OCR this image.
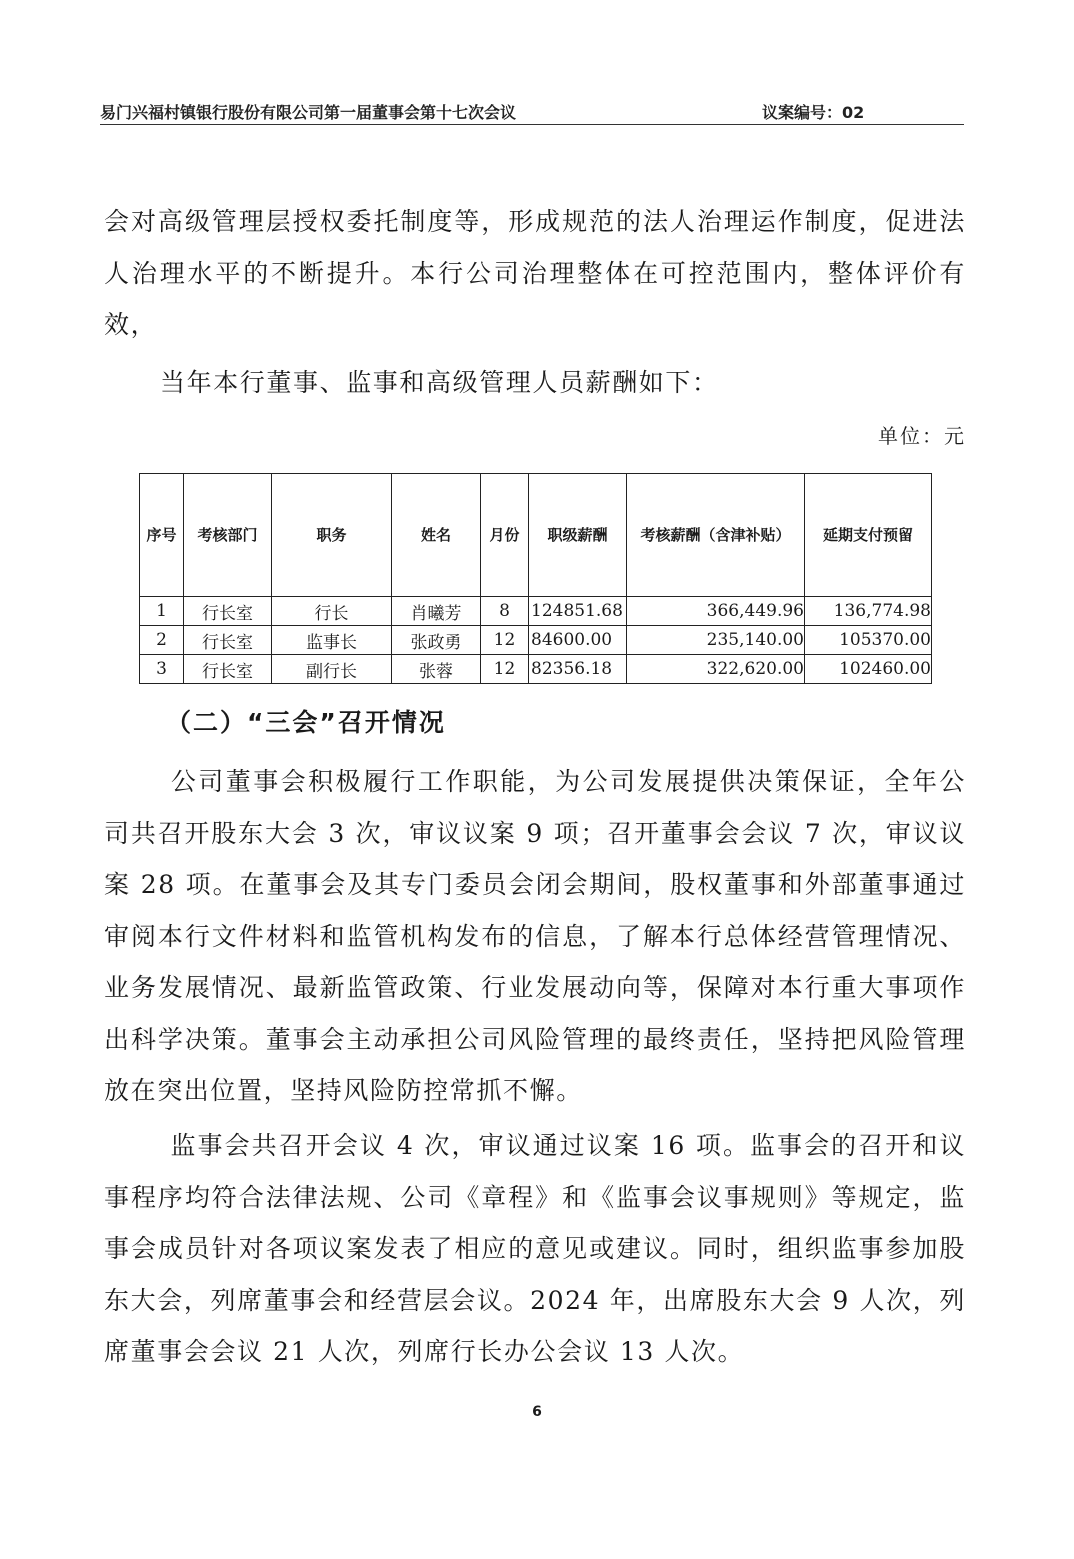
易门兴福村镇银行股份有限公司第一届董事会第十七次会议	议案编号：02

会对高级管理层授权委托制度等，形成规范的法人治理运作制度，促进法人治理水平的不断提升。本行公司治理整体在可控范围内，整体评价有效，

当年本行董事、监事和高级管理人员薪酬如下：

单位：元
序号	考核部门	职务	姓名	月份	职级薪酬	考核薪酬（含津补贴）	延期支付预留
1	行长室	行长	肖曦芳	8	124851.68	366,449.96	136,774.98
2	行长室	监事长	张政勇	12	84600.00	235,140.00	105370.00
3	行长室	副行长	张蓉	12	82356.18	322,620.00	102460.00
（二）“三会”召开情况

公司董事会积极履行工作职能，为公司发展提供决策保证，全年公司共召开股东大会 3 次，审议议案 9 项；召开董事会会议 7 次，审议议案 28 项。在董事会及其专门委员会闭会期间，股权董事和外部董事通过审阅本行文件材料和监管机构发布的信息，了解本行总体经营管理情况、业务发展情况、最新监管政策、行业发展动向等，保障对本行重大事项作出科学决策。董事会主动承担公司风险管理的最终责任，坚持把风险管理放在突出位置，坚持风险防控常抓不懈。

监事会共召开会议 4 次，审议通过议案 16 项。监事会的召开和议事程序均符合法律法规、公司《章程》和《监事会议事规则》等规定，监事会成员针对各项议案发表了相应的意见或建议。同时，组织监事参加股东大会，列席董事会和经营层会议。2024 年，出席股东大会 9 人次，列席董事会会议 21 人次，列席行长办公会议 13 人次。

6
